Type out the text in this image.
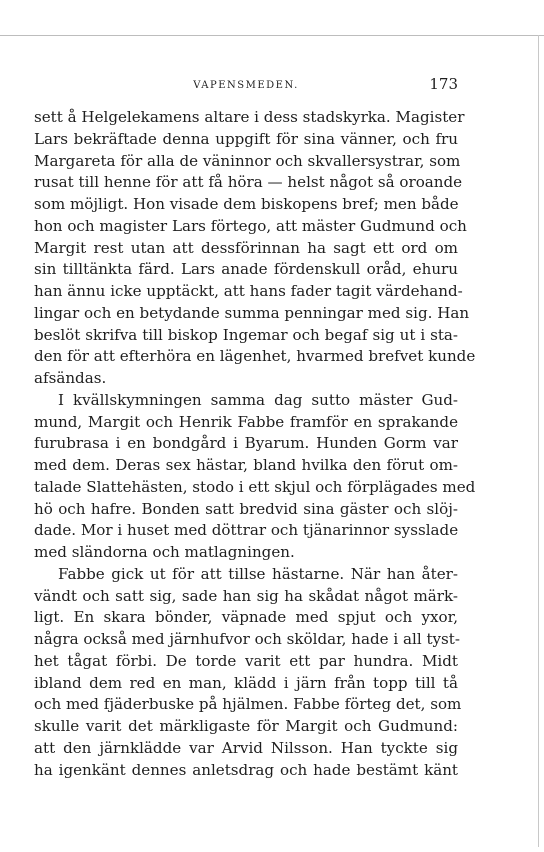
VAPENSMEDEN.	173
sett å Helgelekamens altare i dess stadskyrka. Magister
Lars bekräftade denna uppgift för sina vänner, och fru
Margareta för alla de väninnor och skvallersystrar, som
rusat till henne för att få höra — helst något så oroande
som möjligt. Hon visade dem biskopens bref; men både
hon och magister Lars förtego, att mäster Gudmund och
Margit rest utan att dessförinnan ha sagt ett ord om
sin tilltänkta färd. Lars anade fördenskull oråd, ehuru
han ännu icke upptäckt, att hans fader tagit värdehand-
lingar och en betydande summa penningar med sig. Han
beslöt skrifva till biskop Ingemar och begaf sig ut i sta-
den för att efterhöra en lägenhet, hvarmed brefvet kunde
afsändas.
I kvällskymningen samma dag sutto mäster Gud-
mund, Margit och Henrik Fabbe framför en sprakande
furubrasa i en bondgård i Byarum. Hunden Gorm var
med dem. Deras sex hästar, bland hvilka den förut om-
talade Slattehästen, stodo i ett skjul och förplägades med
hö och hafre. Bonden satt bredvid sina gäster och slöj-
dade. Mor i huset med döttrar och tjänarinnor sysslade
med sländorna och matlagningen.
Fabbe gick ut för att tillse hästarne. När han åter-
vändt och satt sig, sade han sig ha skådat något märk-
ligt. En skara bönder, väpnade med spjut och yxor,
några också med järnhufvor och sköldar, hade i all tyst-
het tågat förbi. De torde varit ett par hundra. Midt
ibland dem red en man, klädd i järn från topp till tå
och med fjäderbuske på hjälmen. Fabbe förteg det, som
skulle varit det märkligaste för Margit och Gudmund:
att den järnklädde var Arvid Nilsson. Han tyckte sig
ha igenkänt dennes anletsdrag och hade bestämt känt
